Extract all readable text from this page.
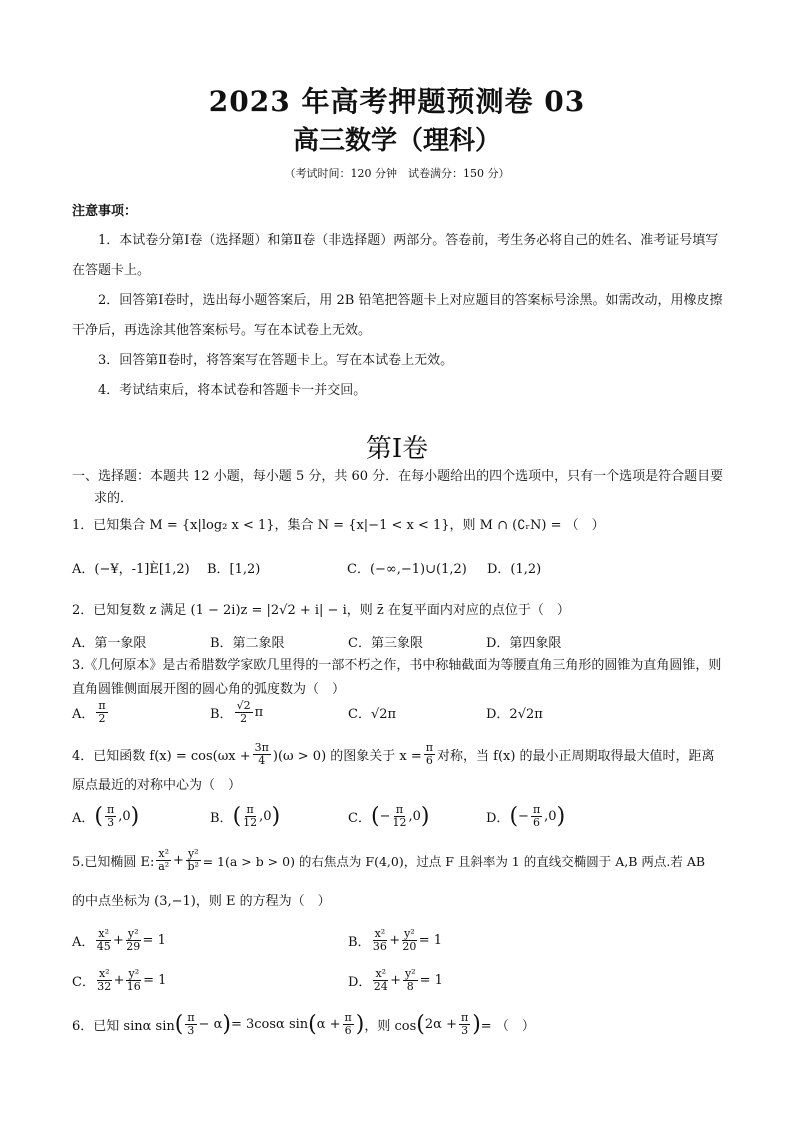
2023 年高考押题预测卷 03
高三数学（理科）
（考试时间：120 分钟　试卷满分：150 分）
注意事项：

1．本试卷分第Ⅰ卷（选择题）和第Ⅱ卷（非选择题）两部分。答卷前，考生务必将自己的姓名、准考证号填写在答题卡上。

2．回答第Ⅰ卷时，选出每小题答案后，用 2B 铅笔把答题卡上对应题目的答案标号涂黑。如需改动，用橡皮擦干净后，再选涂其他答案标号。写在本试卷上无效。

3．回答第Ⅱ卷时，将答案写在答题卡上。写在本试卷上无效。

4．考试结束后，将本试卷和答题卡一并交回。

第Ⅰ卷
一、选择题：本题共 12 小题，每小题 5 分，共 60 分．在每小题给出的四个选项中，只有一个选项是符合题目要求的．
1．已知集合 M = {x|log₂ x < 1}，集合 N = {x|−1 < x < 1}，则 M ∩ (∁ᵣN) = （　）
A．(−¥，-1]È[1,2)	B．[1,2)	C．(−∞,−1)∪(1,2)	D．(1,2)
2．已知复数 z 满足 (1 − 2i)z = |2√2 + i| − i，则 z̄ 在复平面内对应的点位于（　）
A．第一象限	B．第二象限	C．第三象限	D．第四象限
3.《几何原本》是古希腊数学家欧几里得的一部不朽之作，书中称轴截面为等腰直角三角形的圆锥为直角圆锥，则直角圆锥侧面展开图的圆心角的弧度数为（　）
A． $\frac{\pi}{2}$	B． $\frac{√2}{2}$ π	C．√2π	D．2√2π
4．已知函数 $f(x) = \cos(\omega x + \frac{3\pi}{4} )(\omega > 0)$ 的图象关于 $x = \frac{\pi}{6}$ 对称，当 f(x) 的最小正周期取得最大值时，距离
原点最近的对称中心为（　）
A． ( $\frac{\pi}{3} ,0$ )	B． ( $\frac{\pi}{12} ,0$ )	C． ( − $\frac{\pi}{12} ,0$ )	D． ( − $\frac{\pi}{6} ,0$ )
5.已知椭圆 E: $\frac{\text{x²}}{\text{a²}} + \frac{\text{y²}}{\text{b²}} = 1(a > b > 0)$ 的右焦点为 F(4,0)，过点 F 且斜率为 1 的直线交椭圆于 A,B 两点.若 AB
的中点坐标为 (3,−1)，则 E 的方程为（　）
A． $\frac{\text{x²}}{45} + \frac{\text{y²}}{29} = 1$	B． $\frac{\text{x²}}{36} + \frac{\text{y²}}{20} = 1$
C． $\frac{\text{x²}}{32} + \frac{\text{y²}}{16} = 1$	D． $\frac{\text{x²}}{24} + \frac{\text{y²}}{8} = 1$
6．已知 sinα sin ( $\frac{\pi}{3} - \alpha$ ) = 3cosα sin ( $\alpha + \frac{\pi}{6}$ ) ，则 cos ( $2\alpha + \frac{\pi}{3}$ ) = （　）
